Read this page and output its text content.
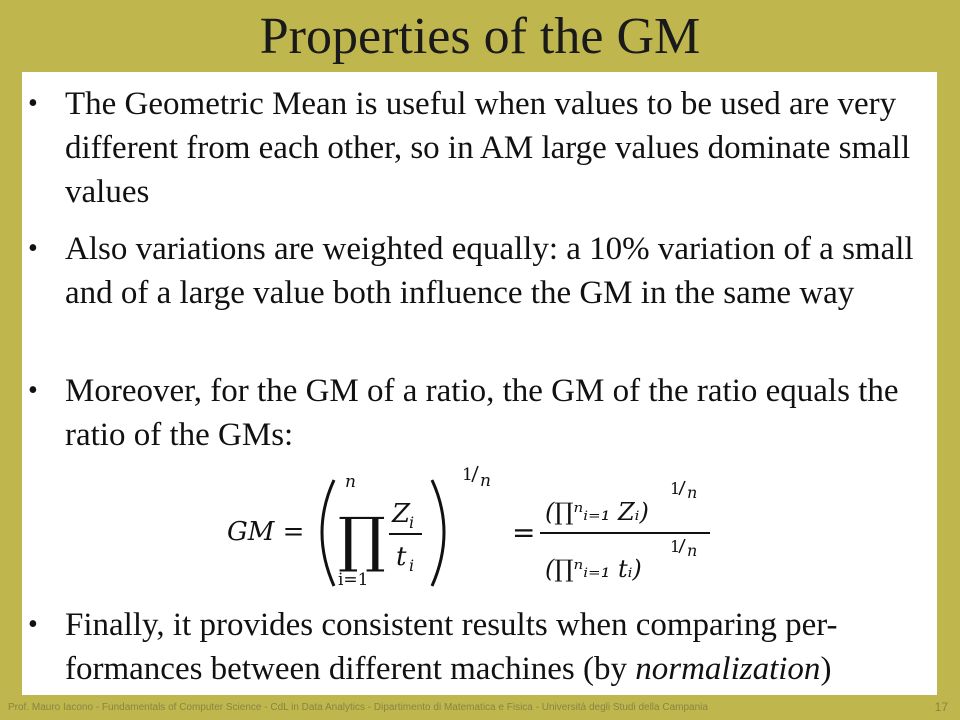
Properties of the GM
• The Geometric Mean is useful when values to be used are very different from each other, so in AM large values dominate small values
• Also variations are weighted equally: a 10% variation of a small and of a large value both influence the GM in the same way
• Moreover, for the GM of a ratio, the GM of the ratio equals the ratio of the GMs:
• Finally, it provides consistent results when comparing per-formances between different machines (by normalization)
GM =
n
∏
i=1
Z
i
t i
1 n
=
(∏ⁿᵢ₌₁ Zᵢ)
1 n
(∏ⁿᵢ₌₁ tᵢ)
1 n
Prof. Mauro Iacono - Fundamentals of Computer Science - CdL in Data Analytics - Dipartimento di Matematica e Fisica - Università degli Studi della Campania	17
